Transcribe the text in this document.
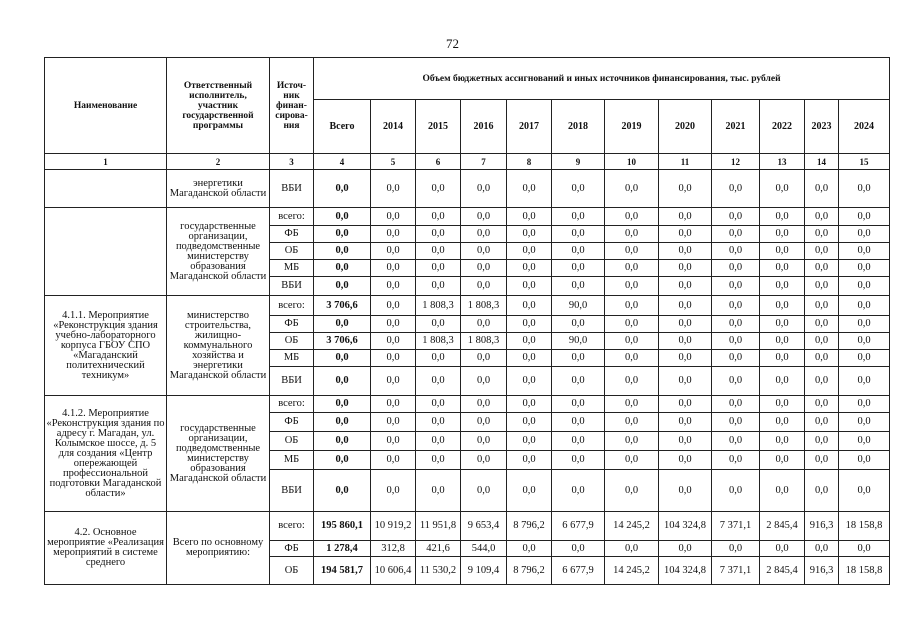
72
Наименование	Ответственный исполнитель, участник государственной программы	Источ-ник финан-сирова-ния	Объем бюджетных ассигнований и иных источников финансирования, тыс. рублей											
			Всего	2014	2015	2016	2017	2018	2019	2020	2021	2022	2023	2024
1	2	3	4	5	6	7	8	9	10	11	12	13	14	15
	энергетики Магаданской области	ВБИ	0,0	0,0	0,0	0,0	0,0	0,0	0,0	0,0	0,0	0,0	0,0	0,0
	государственные организации, подведомственные министерству образования Магаданской области	всего:	0,0	0,0	0,0	0,0	0,0	0,0	0,0	0,0	0,0	0,0	0,0	0,0
		ФБ	0,0	0,0	0,0	0,0	0,0	0,0	0,0	0,0	0,0	0,0	0,0	0,0
		ОБ	0,0	0,0	0,0	0,0	0,0	0,0	0,0	0,0	0,0	0,0	0,0	0,0
		МБ	0,0	0,0	0,0	0,0	0,0	0,0	0,0	0,0	0,0	0,0	0,0	0,0
		ВБИ	0,0	0,0	0,0	0,0	0,0	0,0	0,0	0,0	0,0	0,0	0,0	0,0
4.1.1. Мероприятие «Реконструкция здания учебно-лабораторного корпуса ГБОУ СПО «Магаданский политехнический техникум»	министерство строительства, жилищно-коммунального хозяйства и энергетики Магаданской области	всего:	3 706,6	0,0	1 808,3	1 808,3	0,0	90,0	0,0	0,0	0,0	0,0	0,0	0,0
		ФБ	0,0	0,0	0,0	0,0	0,0	0,0	0,0	0,0	0,0	0,0	0,0	0,0
		ОБ	3 706,6	0,0	1 808,3	1 808,3	0,0	90,0	0,0	0,0	0,0	0,0	0,0	0,0
		МБ	0,0	0,0	0,0	0,0	0,0	0,0	0,0	0,0	0,0	0,0	0,0	0,0
		ВБИ	0,0	0,0	0,0	0,0	0,0	0,0	0,0	0,0	0,0	0,0	0,0	0,0
4.1.2. Мероприятие «Реконструкция здания по адресу г. Магадан, ул. Колымское шоссе, д. 5 для создания «Центр опережающей профессиональной подготовки Магаданской области»	государственные организации, подведомственные министерству образования Магаданской области	всего:	0,0	0,0	0,0	0,0	0,0	0,0	0,0	0,0	0,0	0,0	0,0	0,0
		ФБ	0,0	0,0	0,0	0,0	0,0	0,0	0,0	0,0	0,0	0,0	0,0	0,0
		ОБ	0,0	0,0	0,0	0,0	0,0	0,0	0,0	0,0	0,0	0,0	0,0	0,0
		МБ	0,0	0,0	0,0	0,0	0,0	0,0	0,0	0,0	0,0	0,0	0,0	0,0
		ВБИ	0,0	0,0	0,0	0,0	0,0	0,0	0,0	0,0	0,0	0,0	0,0	0,0
4.2. Основное мероприятие «Реализация мероприятий в системе среднего	Всего по основному мероприятию:	всего:	195 860,1	10 919,2	11 951,8	9 653,4	8 796,2	6 677,9	14 245,2	104 324,8	7 371,1	2 845,4	916,3	18 158,8
		ФБ	1 278,4	312,8	421,6	544,0	0,0	0,0	0,0	0,0	0,0	0,0	0,0	0,0
		ОБ	194 581,7	10 606,4	11 530,2	9 109,4	8 796,2	6 677,9	14 245,2	104 324,8	7 371,1	2 845,4	916,3	18 158,8
